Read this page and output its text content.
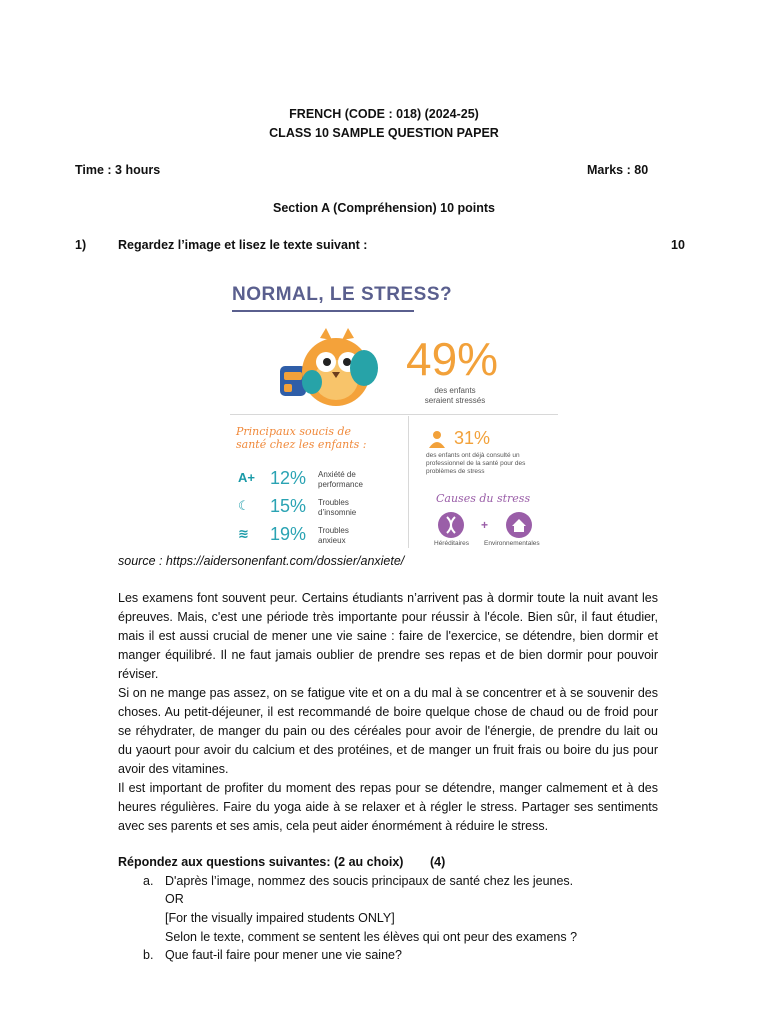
FRENCH (CODE : 018) (2024-25)
CLASS 10 SAMPLE QUESTION PAPER
Time : 3 hours	Marks : 80
Section A (Compréhension) 10 points
1)	Regardez l’image et lisez le texte suivant :	10
NORMAL, LE STRESS?
49%
des enfants
seraient stressés
Principaux soucis de
santé chez les enfants :
A+ 12% Anxiété de
performance
☾	15% Troubles
d’insomnie
≋	19% Troubles
anxieux
31%
des enfants ont déjà consulté un professionnel de la santé pour des problèmes de stress
Causes du stress
+
Héréditaires Environnementales
source : https://aidersonenfant.com/dossier/anxiete/

Les examens font souvent peur. Certains étudiants n’arrivent pas à dormir toute la nuit avant les épreuves. Mais, c'est une période très importante pour réussir à l'école. Bien sûr, il faut étudier, mais il est aussi crucial de mener une vie saine : faire de l'exercice, se détendre, bien dormir et manger équilibré. Il ne faut jamais oublier de prendre ses repas et de bien dormir pour pouvoir réviser.

Si on ne mange pas assez, on se fatigue vite et on a du mal à se concentrer et à se souvenir des choses. Au petit-déjeuner, il est recommandé de boire quelque chose de chaud ou de froid pour se réhydrater, de manger du pain ou des céréales pour avoir de l'énergie, de prendre du lait ou du yaourt pour avoir du calcium et des protéines, et de manger un fruit frais ou boire du jus pour avoir des vitamines.

Il est important de profiter du moment des repas pour se détendre, manger calmement et à des heures régulières. Faire du yoga aide à se relaxer et à régler le stress. Partager ses sentiments avec ses parents et ses amis, cela peut aider énormément à réduire le stress.

Répondez aux questions suivantes: (2 au choix) (4)
a. D'après l’image, nommez des soucis principaux de santé chez les jeunes.
OR
[For the visually impaired students ONLY]
Selon le texte, comment se sentent les élèves qui ont peur des examens ?
b. Que faut-il faire pour mener une vie saine?
